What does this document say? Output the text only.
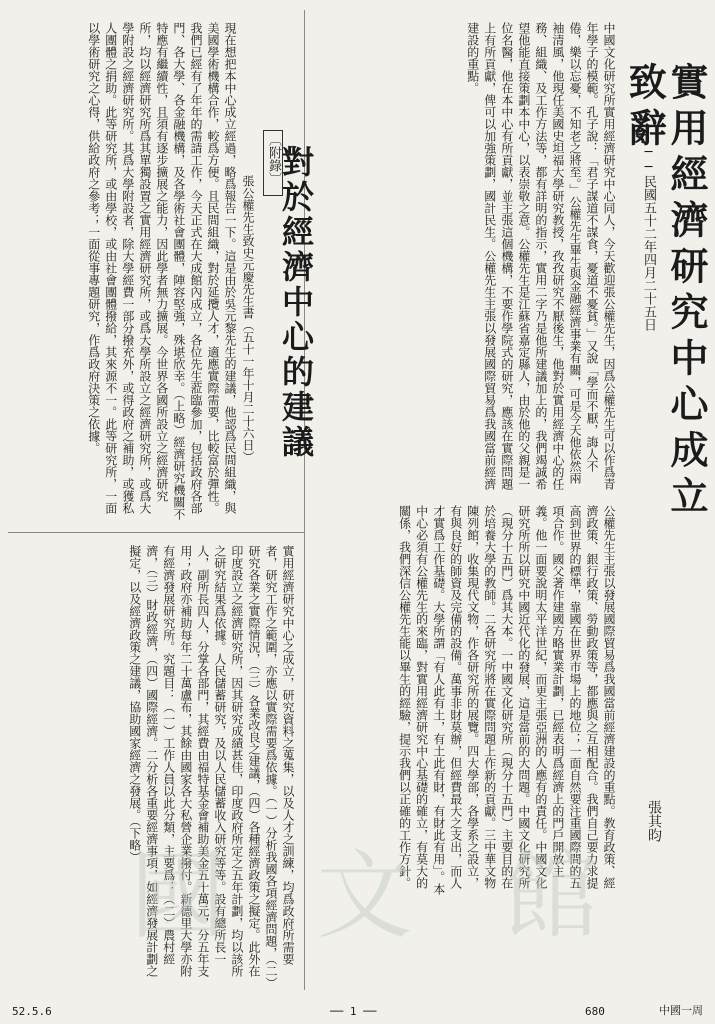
實用經濟研究中心成立致辭
──民國五十二年四月二十五日
張其昀
中國文化研究所實用經濟研究中心同人，今天歡迎張公權先生，因爲公權先生可以作爲青年學子的模範。孔子說：「君子謀道不謀食，憂道不憂貧。」又說「學而不厭，誨人不倦，樂以忘憂，不知老之將至。」公權先生畢生與金融經濟事業有關，可是今天他依然兩袖清風，他現任美國史坦福大學研究教授，孜孜研究不厭後生，他對於實用經濟中心的任務、組織、及工作方法等，都有詳明的指示，實用二字乃是他所建議加上的，我們竭誠希望他能直接策劃本中心，以表崇敬之意。公權先生是江蘇省嘉定縣人，由於他的父親是一位名醫，他在本中心有所貢獻，並主張這個機構，不要作學院式的研究，應該在實際問題上有所貢獻，俾可以加強策劃，國計民生。公權先生主張以發展國際貿易爲我國當前經濟建設的重點。
公權先生主張以發展國際貿易爲我國當前經濟建設的重點。教育政策、經濟政策、銀行政策、勞動政策等，都應與之互相配合。我們自己要力求提高到世界的標準，靠國在世界市場上的地位；一面自然要注重國際間的五項合作。國父著作建國方略實業計劃，已經表明爲經濟上的門戶開放主義。他一面要說明太平洋世紀，而更主張亞洲的人應有的責任。中國文化研究所所以研究中國近代化的發展，這是當前的大問題。中國文化研究所（現分十五門）爲其大本。一中國文化研究所（現分十五門）主要目的在於培養大學的教師。二各研究所將在實際問題上作新的貢獻。三中華文物陳列館，收集現代文物，作各研究所的展覽。四大學部，各學系之設立，有與良好的師資及完備的設備。萬事非財莫辦，但經費最大之支出，而人才實爲工作基礎。大學所謂「有人此有土，有土此有財，有財此有用」。本中心必須有公權先生的來臨，對實用經濟研究中心基礎的確立，有莫大的關係，我們深信公權先生能以畢生的經驗，提示我們以正確的工作方針。
〔附錄〕
對於經濟中心的建議
張公權先生致史元慶先生書（五十一年十月二十六日）
現在想把本中心成立經過，略爲報告一下。這是由於吳元黎先生的建議，他認爲民間組織，與美國學術機構合作，較爲方便。且民間組織，對於延攬人才，適應實際需要，比較富於彈性。我們已經有了年年的需請工作，今天正式在大成館內成立，各位先生蒞臨參加，包括政府各部門、各大學、各金融機構，及各學術社會團體，陣容堅強，殊堪欣幸。（上略）經濟研究機關不特應有繼續性，且須有逐步擴展之能力，因此學者無力擴展。今世界各國所設立之經濟研究所，均以經濟研究所爲其單獨設置之實用經濟研究所，或爲大學所設立之經濟研究所，或爲大學附設之經濟研究所。其爲大學附設者，除大學經費一部分撥充外，或得政府之補助，或獲私人團體之捐助。此等研究所，或由學校，或由社會團體撥給，其來源不一。此等研究所，一面以學術研究之心得，供給政府之參考；一面從事專題研究，作爲政府決策之依據。
實用經濟研究中心之成立，研究資料之蒐集，以及人才之訓練，均爲政府所需要者，研究工作之範圍，亦應以實際需要爲依據。（一）分析我國各項經濟問題，（二）研究各業之實際情況，（三）各業改良之建議，（四）各種經濟政策之擬定。此外在印度設立之經濟研究所，因其研究成績甚佳，印度政府所定之五年計劃，均以該所之研究結果爲依據。人民儲蓄研究，及以人民儲蓄收入研究等等。設有總所長一人，副所長四人，分掌各部門，其經費由福特基金會補助美金五十萬元，分五年支用；政府亦補助每年二十萬盧布，其餘由國家各大私營企業撥付。新德里大學亦附有經濟發展研究所。究題目：（一）工作人員以此分類，主要爲：（二）農村經濟，（三）財政經濟，（四）國際經濟。二分析各重要經濟事項，如經濟發展計劃之擬定，以及經濟政策之建議，協助國家經濟之發展。（下略）
國 文 館
52.5.6	── 1 ──	680	中國一周
